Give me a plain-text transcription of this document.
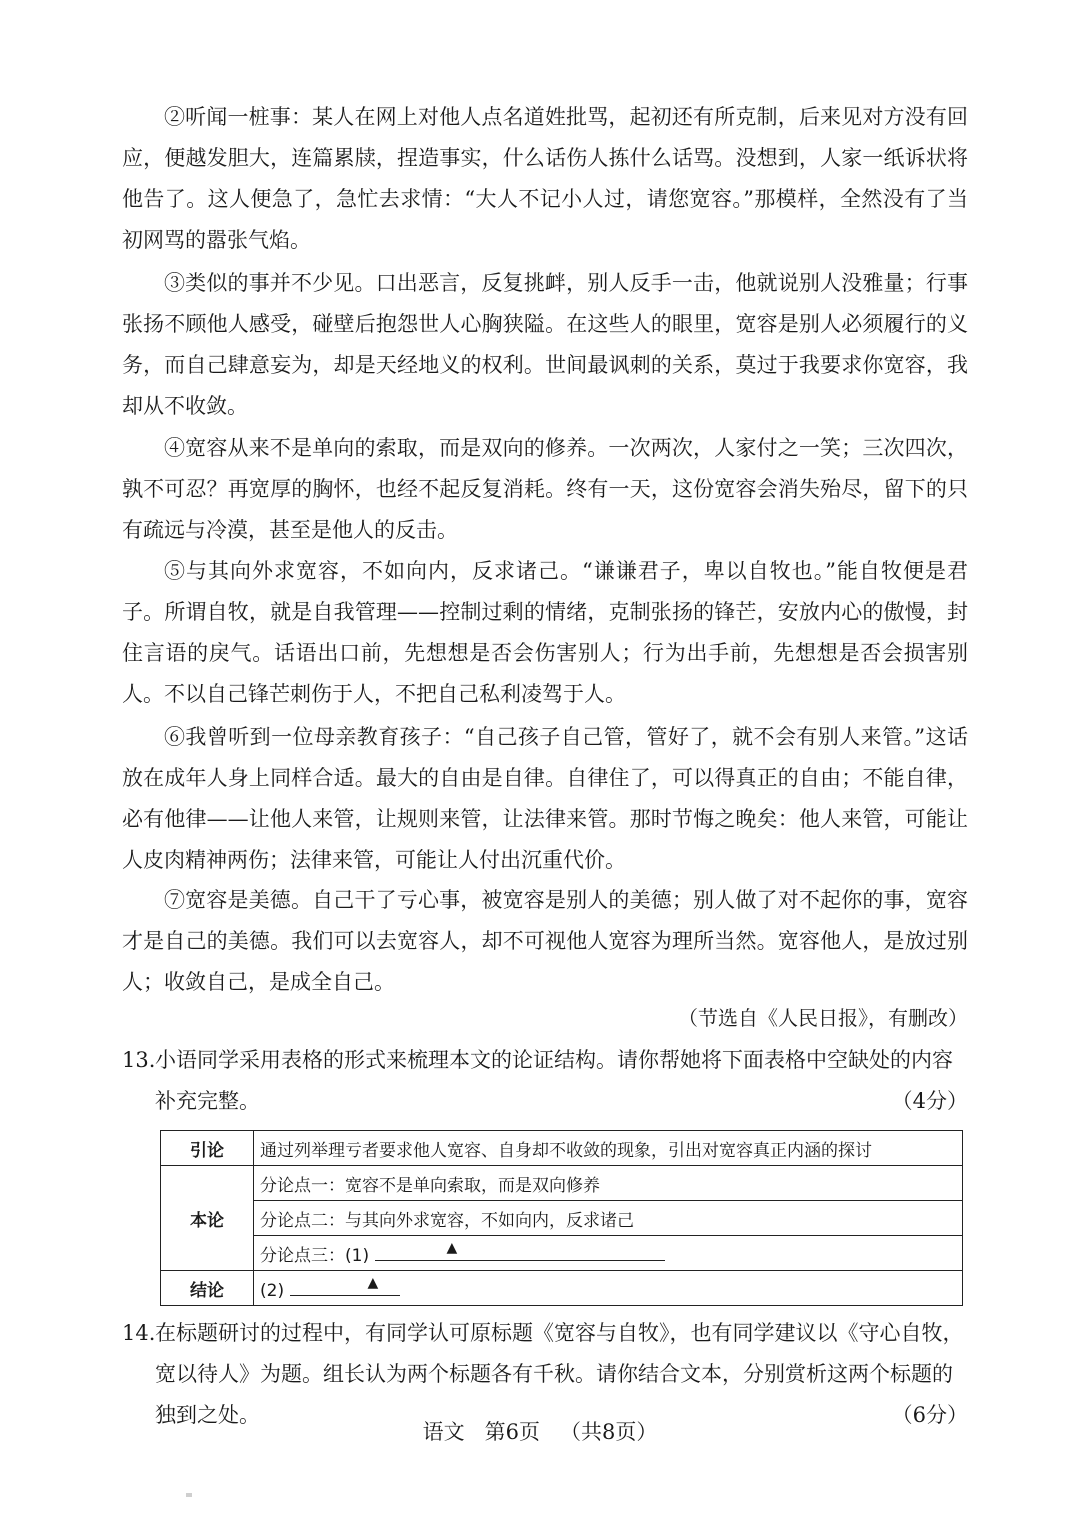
②听闻一桩事：某人在网上对他人点名道姓批骂，起初还有所克制，后来见对方没有回应，便越发胆大，连篇累牍，捏造事实，什么话伤人拣什么话骂。没想到，人家一纸诉状将他告了。这人便急了，急忙去求情：“大人不记小人过，请您宽容。”那模样，全然没有了当初网骂的嚣张气焰。

③类似的事并不少见。口出恶言，反复挑衅，别人反手一击，他就说别人没雅量；行事张扬不顾他人感受，碰壁后抱怨世人心胸狭隘。在这些人的眼里，宽容是别人必须履行的义务，而自己肆意妄为，却是天经地义的权利。世间最讽刺的关系，莫过于我要求你宽容，我却从不收敛。

④宽容从来不是单向的索取，而是双向的修养。一次两次，人家付之一笑；三次四次，孰不可忍？再宽厚的胸怀，也经不起反复消耗。终有一天，这份宽容会消失殆尽，留下的只有疏远与冷漠，甚至是他人的反击。

⑤与其向外求宽容，不如向内，反求诸己。“谦谦君子，卑以自牧也。”能自牧便是君子。所谓自牧，就是自我管理——控制过剩的情绪，克制张扬的锋芒，安放内心的傲慢，封住言语的戾气。话语出口前，先想想是否会伤害别人；行为出手前，先想想是否会损害别人。不以自己锋芒刺伤于人，不把自己私利凌驾于人。

⑥我曾听到一位母亲教育孩子：“自己孩子自己管，管好了，就不会有别人来管。”这话放在成年人身上同样合适。最大的自由是自律。自律住了，可以得真正的自由；不能自律，必有他律——让他人来管，让规则来管，让法律来管。那时节悔之晚矣：他人来管，可能让人皮肉精神两伤；法律来管，可能让人付出沉重代价。

⑦宽容是美德。自己干了亏心事，被宽容是别人的美德；别人做了对不起你的事，宽容才是自己的美德。我们可以去宽容人，却不可视他人宽容为理所当然。宽容他人，是放过别人；收敛自己，是成全自己。

（节选自《人民日报》，有删改）

13. 小语同学采用表格的形式来梳理本文的论证结构。请你帮她将下面表格中空缺处的内容补充完整。	（4分）
引论	通过列举理亏者要求他人宽容、自身却不收敛的现象，引出对宽容真正内涵的探讨
本论	分论点一：宽容不是单向索取，而是双向修养
	分论点二：与其向外求宽容，不如向内，反求诸己
	分论点三：(1) ▲

结论	(2) ▲
14. 在标题研讨的过程中，有同学认可原标题《宽容与自牧》，也有同学建议以《守心自牧，宽以待人》为题。组长认为两个标题各有千秋。请你结合文本，分别赏析这两个标题的独到之处。	（6分）

语文 第6页 （共8页）
